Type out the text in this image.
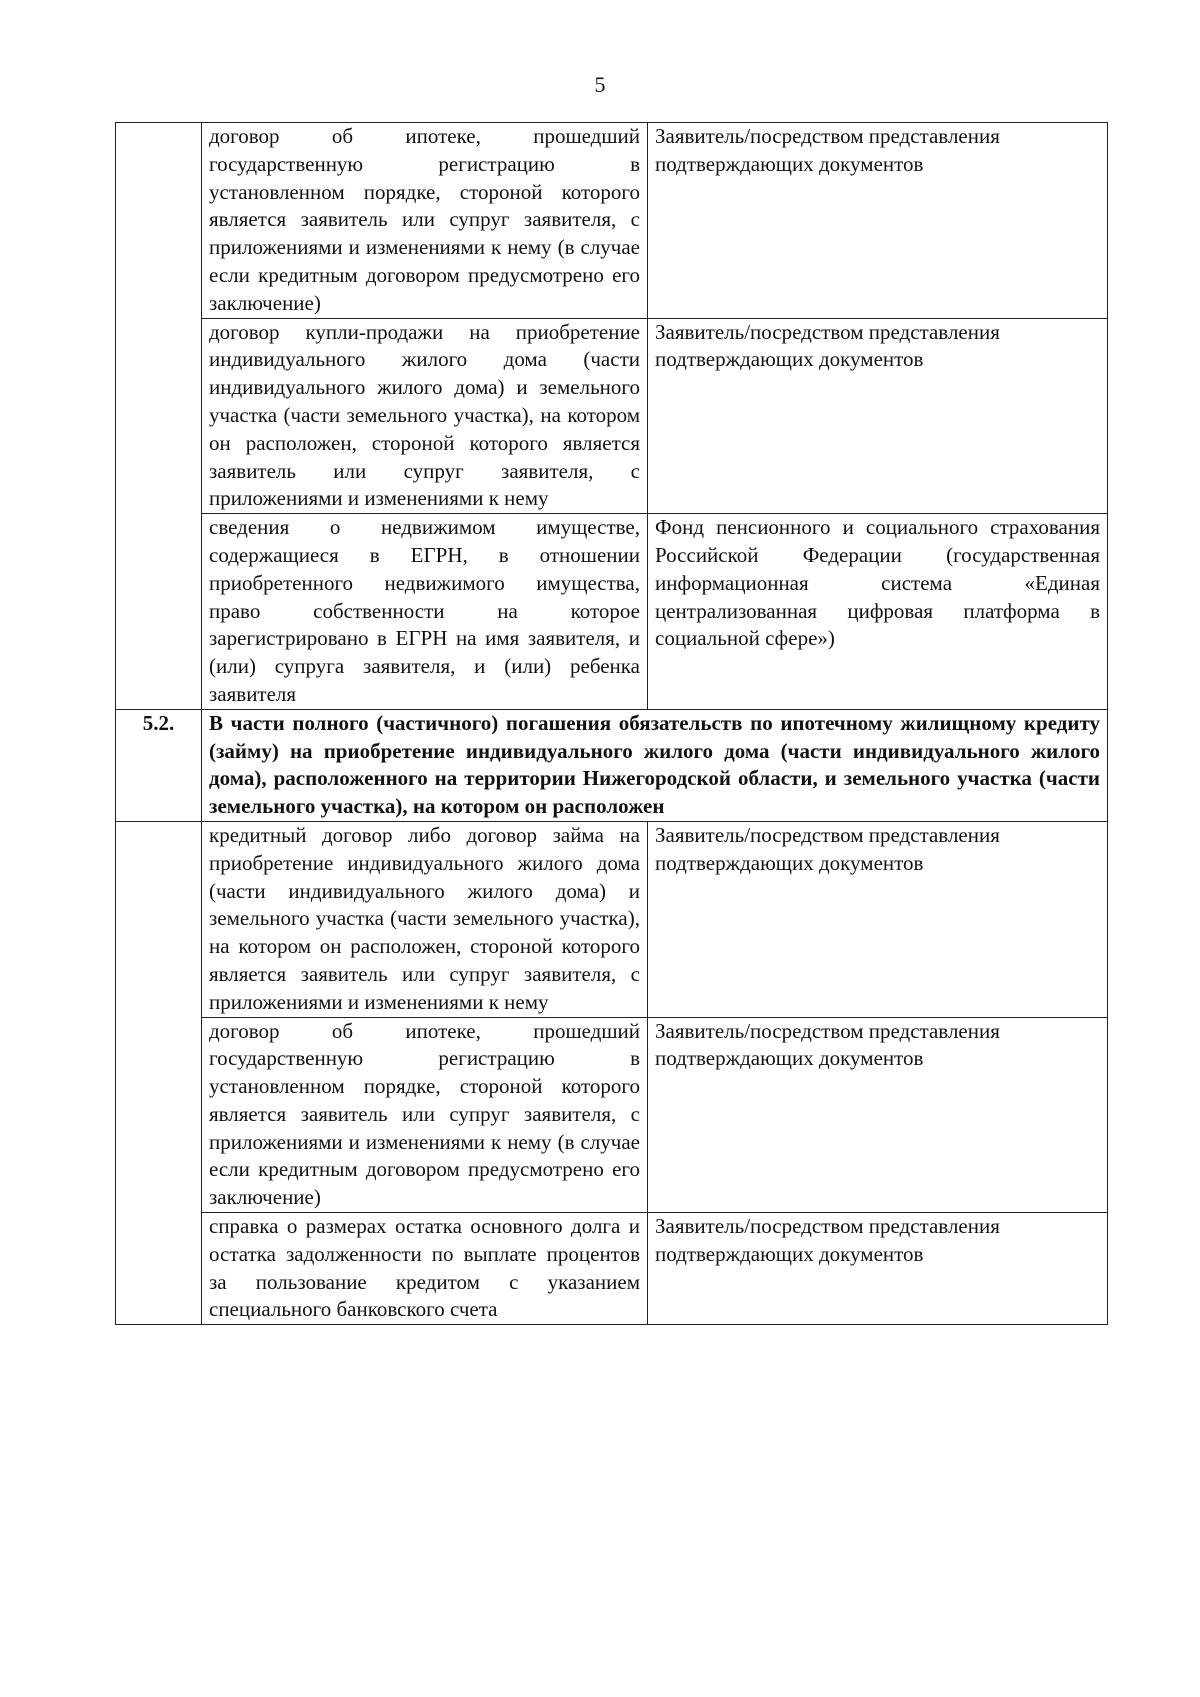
5

	договор об ипотеке, прошедший государственную регистрацию в установленном порядке, стороной которого является заявитель или супруг заявителя, с приложениями и изменениями к нему (в случае если кредитным договором предусмотрено его заключение)	Заявитель/посредством представления подтверждающих документов

	договор купли-продажи на приобретение индивидуального жилого дома (части индивидуального жилого дома) и земельного участка (части земельного участка), на котором он расположен, стороной которого является заявитель или супруг заявителя, с приложениями и изменениями к нему	Заявитель/посредством представления подтверждающих документов

	сведения о недвижимом имуществе, содержащиеся в ЕГРН, в отношении приобретенного недвижимого имущества, право собственности на которое зарегистрировано в ЕГРН на имя заявителя, и (или) супруга заявителя, и (или) ребенка заявителя	Фонд пенсионного и социального страхования Российской Федерации (государственная информационная система «Единая централизованная цифровая платформа в социальной сфере»)

5.2.	В части полного (частичного) погашения обязательств по ипотечному жилищному кредиту (займу) на приобретение индивидуального жилого дома (части индивидуального жилого дома), расположенного на территории Нижегородской области, и земельного участка (части земельного участка), на котором он расположен	

	кредитный договор либо договор займа на приобретение индивидуального жилого дома (части индивидуального жилого дома) и земельного участка (части земельного участка), на котором он расположен, стороной которого является заявитель или супруг заявителя, с приложениями и изменениями к нему	Заявитель/посредством представления подтверждающих документов

	договор об ипотеке, прошедший государственную регистрацию в установленном порядке, стороной которого является заявитель или супруг заявителя, с приложениями и изменениями к нему (в случае если кредитным договором предусмотрено его заключение)	Заявитель/посредством представления подтверждающих документов

	справка о размерах остатка основного долга и остатка задолженности по выплате процентов за пользование кредитом с указанием специального банковского счета	Заявитель/посредством представления подтверждающих документов
